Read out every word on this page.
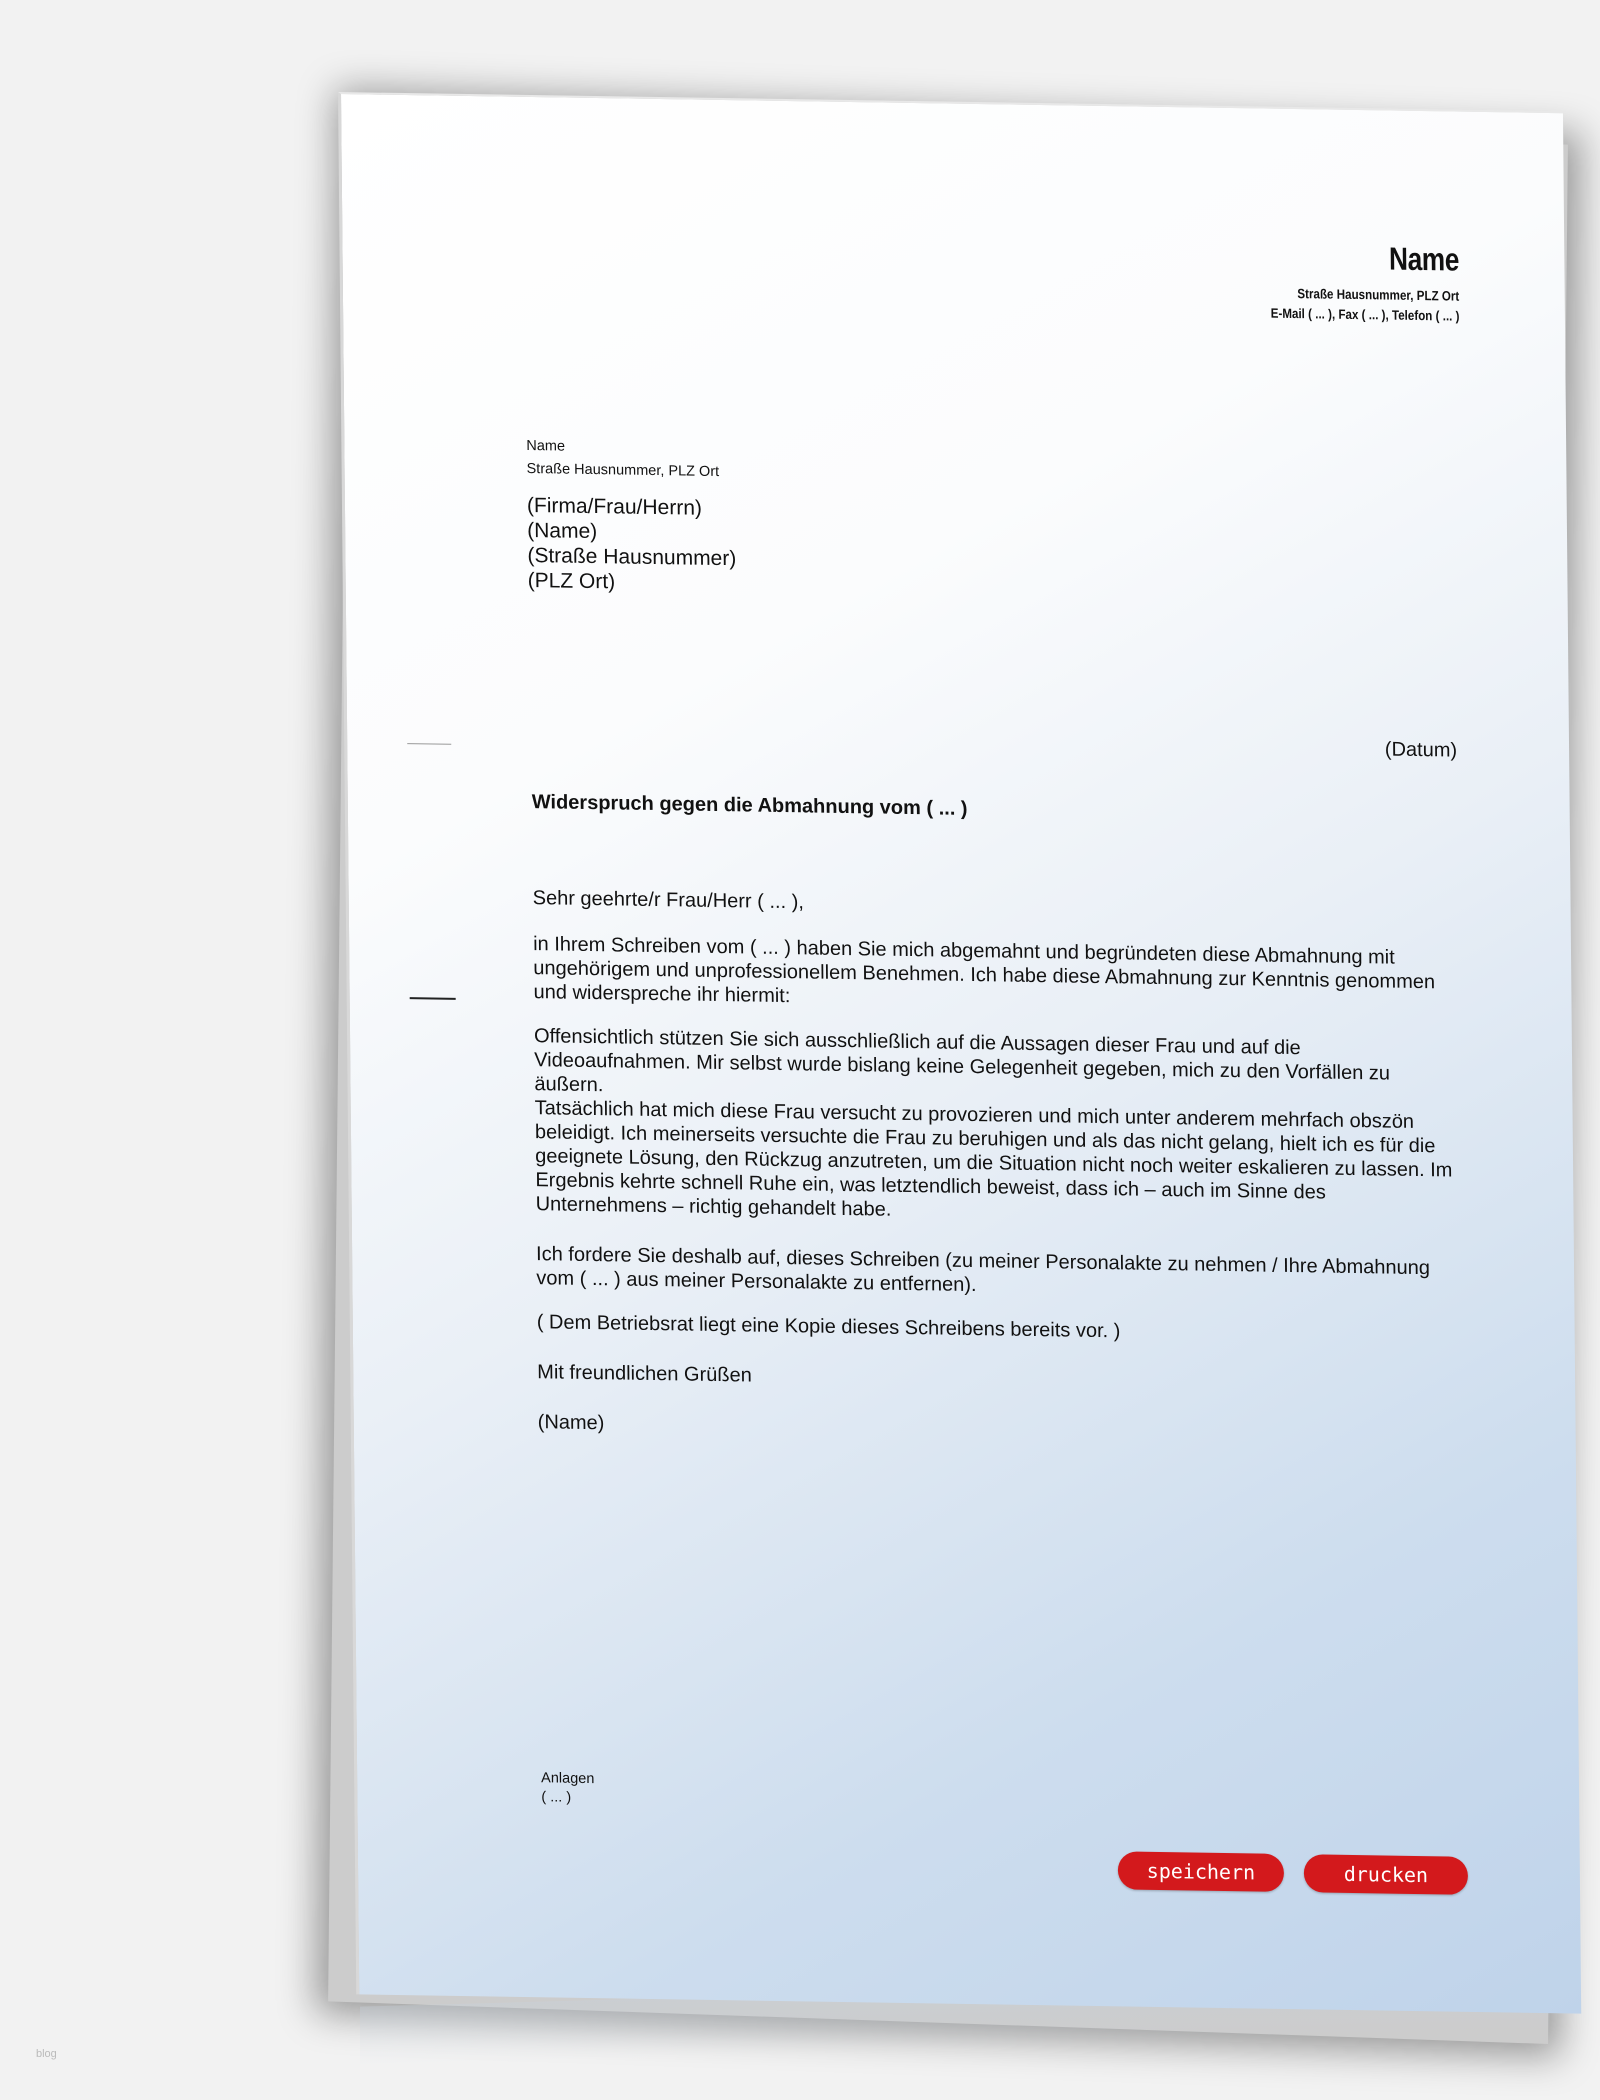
Name
Straße Hausnummer, PLZ Ort
E-Mail ( ... ), Fax ( ... ), Telefon ( ... )
Name
Straße Hausnummer, PLZ Ort
(Firma/Frau/Herrn)
(Name)
(Straße Hausnummer)
(PLZ Ort)
(Datum)
Widerspruch gegen die Abmahnung vom ( ... )

Sehr geehrte/r Frau/Herr ( ... ),

in Ihrem Schreiben vom ( ... ) haben Sie mich abgemahnt und begründeten diese Abmahnung mit ungehörigem und unprofessionellem Benehmen. Ich habe diese Abmahnung zur Kenntnis genommen und widerspreche ihr hiermit:

Offensichtlich stützen Sie sich ausschließlich auf die Aussagen dieser Frau und auf die Videoaufnahmen. Mir selbst wurde bislang keine Gelegenheit gegeben, mich zu den Vorfällen zu äußern.

Tatsächlich hat mich diese Frau versucht zu provozieren und mich unter anderem mehrfach obszön beleidigt. Ich meinerseits versuchte die Frau zu beruhigen und als das nicht gelang, hielt ich es für die geeignete Lösung, den Rückzug anzutreten, um die Situation nicht noch weiter eskalieren zu lassen. Im Ergebnis kehrte schnell Ruhe ein, was letztendlich beweist, dass ich – auch im Sinne des Unternehmens – richtig gehandelt habe.

Ich fordere Sie deshalb auf, dieses Schreiben (zu meiner Personalakte zu nehmen / Ihre Abmahnung vom ( ... ) aus meiner Personalakte zu entfernen).

( Dem Betriebsrat liegt eine Kopie dieses Schreibens bereits vor. )

Mit freundlichen Grüßen

(Name)

Anlagen
( ... )
speichern	drucken
blog
